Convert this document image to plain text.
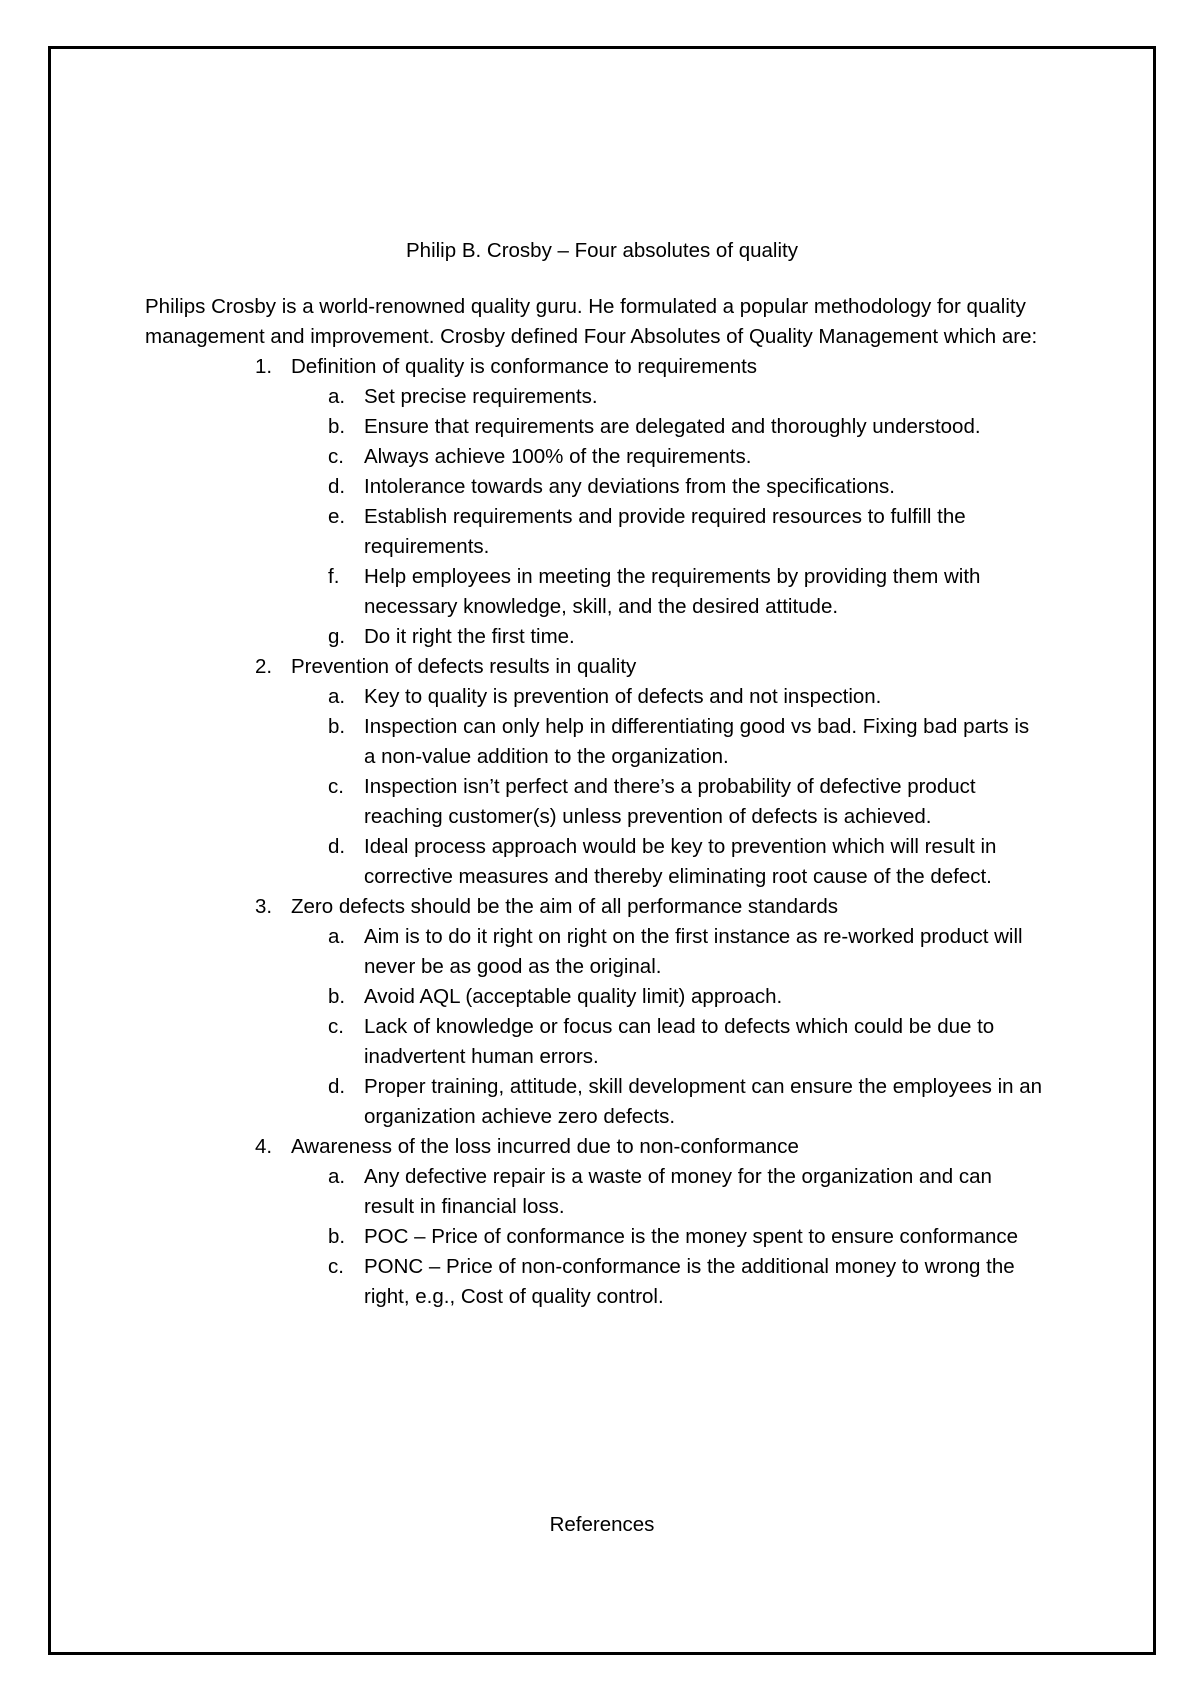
Philip B. Crosby – Four absolutes of quality

Philips Crosby is a world-renowned quality guru. He formulated a popular methodology for quality management and improvement. Crosby defined Four Absolutes of Quality Management which are:

1. Definition of quality is conformance to requirements
a. Set precise requirements.
b. Ensure that requirements are delegated and thoroughly understood.
c. Always achieve 100% of the requirements.
d. Intolerance towards any deviations from the specifications.
e. Establish requirements and provide required resources to fulfill the requirements.
f. Help employees in meeting the requirements by providing them with necessary knowledge, skill, and the desired attitude.
g. Do it right the first time.
2. Prevention of defects results in quality
a. Key to quality is prevention of defects and not inspection.
b. Inspection can only help in differentiating good vs bad. Fixing bad parts is a non-value addition to the organization.
c. Inspection isn’t perfect and there’s a probability of defective product reaching customer(s) unless prevention of defects is achieved.
d. Ideal process approach would be key to prevention which will result in corrective measures and thereby eliminating root cause of the defect.
3. Zero defects should be the aim of all performance standards
a. Aim is to do it right on right on the first instance as re-worked product will never be as good as the original.
b. Avoid AQL (acceptable quality limit) approach.
c. Lack of knowledge or focus can lead to defects which could be due to inadvertent human errors.
d. Proper training, attitude, skill development can ensure the employees in an organization achieve zero defects.
4. Awareness of the loss incurred due to non-conformance
a. Any defective repair is a waste of money for the organization and can result in financial loss.
b. POC – Price of conformance is the money spent to ensure conformance
c. PONC – Price of non-conformance is the additional money to wrong the right, e.g., Cost of quality control.
References
